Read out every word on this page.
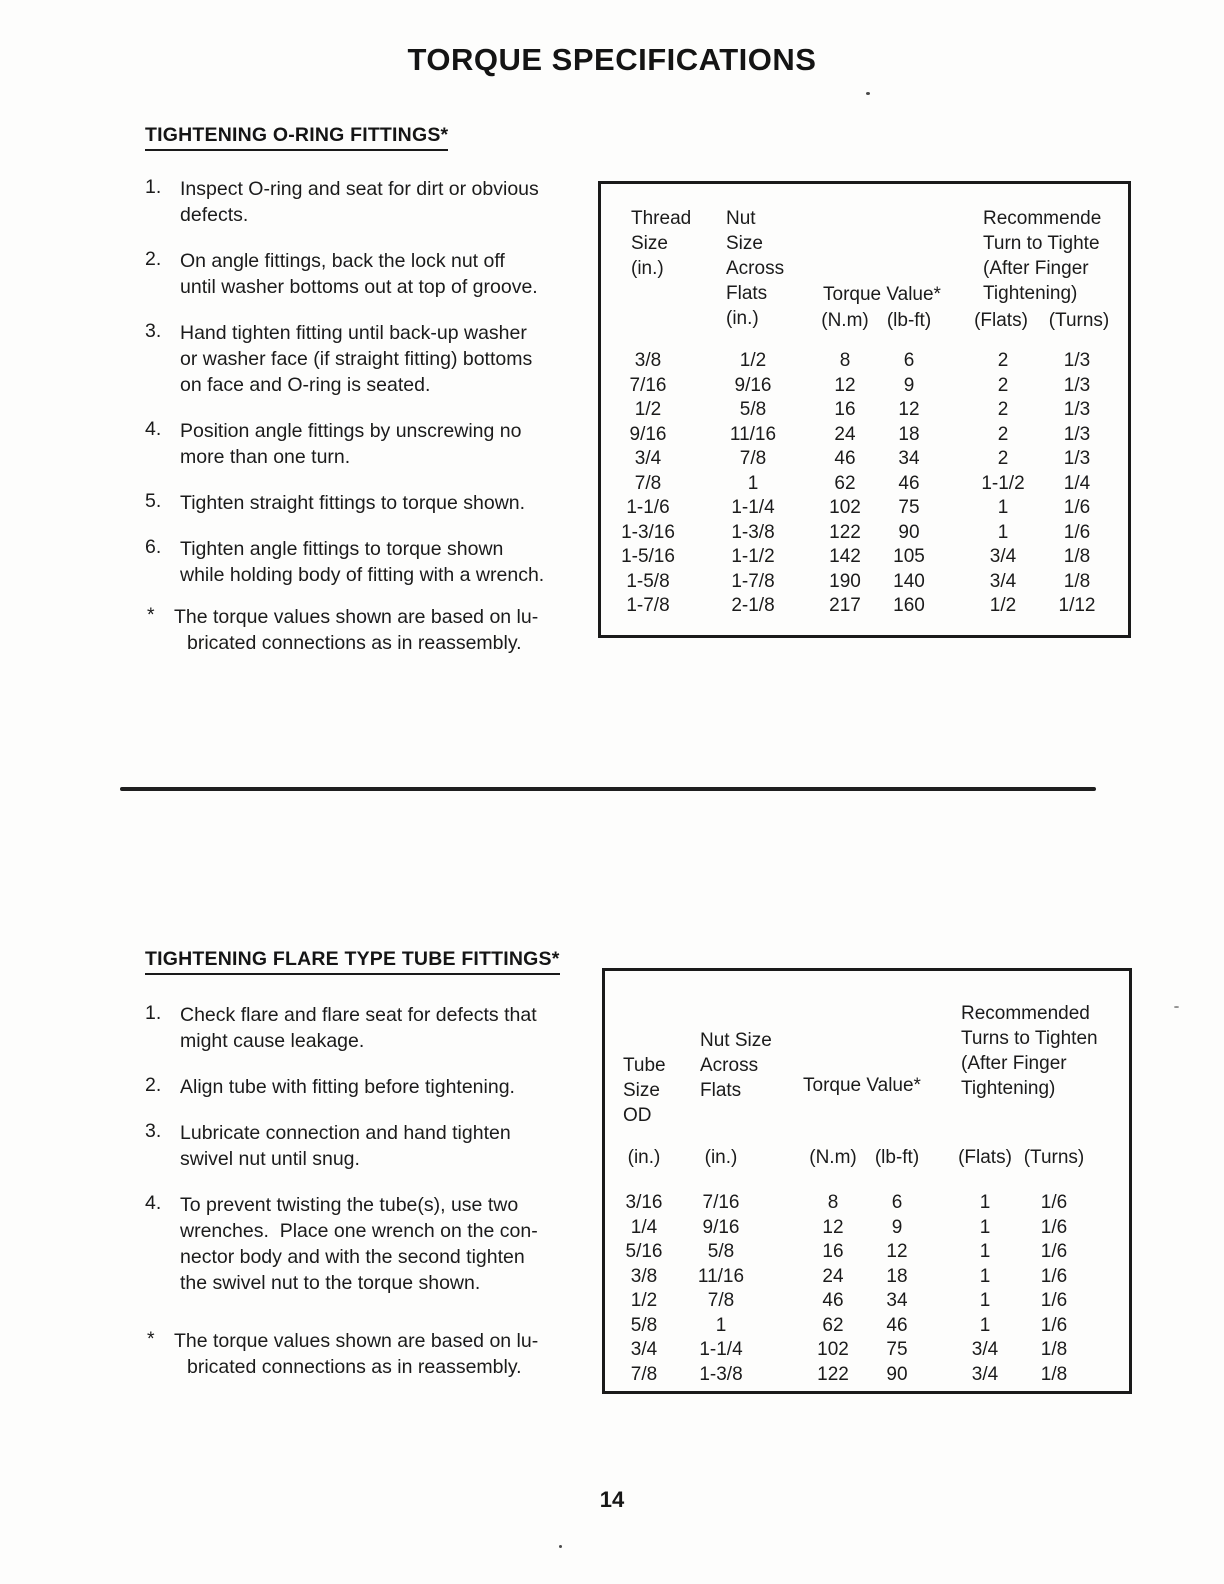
TORQUE SPECIFICATIONS
TIGHTENING O-RING FITTINGS*
1. Inspect O-ring and seat for dirt or obvious
defects.
2. On angle fittings, back the lock nut off
until washer bottoms out at top of groove.
3. Hand tighten fitting until back-up washer
or washer face (if straight fitting) bottoms
on face and O-ring is seated.
4. Position angle fittings by unscrewing no
more than one turn.
5. Tighten straight fittings to torque shown.
6. Tighten angle fittings to torque shown
while holding body of fitting with a wrench.
* The torque values shown are based on lu-
bricated connections as in reassembly.
Thread
Size
(in.)
Nut
Size
Across
Flats
(in.)
Torque Value*
Recommende
Turn to Tighte
(After Finger
Tightening)
(N.m) (lb-ft) (Flats) (Turns)
3/8	1/2	8	6	2	1/3
7/16	9/16	12	9	2	1/3
1/2	5/8	16 12	2	1/3
9/16	11/16	24 18	2	1/3
3/4	7/8	46 34	2	1/3
7/8	1	62 46	1-1/2 1/4
1-1/6	1-1/4	102 75	1	1/6
1-3/16	1-3/8	122 90	1	1/6
1-5/16	1-1/2	142 105	3/4	1/8
1-5/8	1-7/8	190 140	3/4	1/8
1-7/8	2-1/8	217 160	1/2 1/12
TIGHTENING FLARE TYPE TUBE FITTINGS*
1. Check flare and flare seat for defects that
might cause leakage.
2. Align tube with fitting before tightening.
3. Lubricate connection and hand tighten
swivel nut until snug.
4. To prevent twisting the tube(s), use two
wrenches.  Place one wrench on the con-
nector body and with the second tighten
the swivel nut to the torque shown.
* The torque values shown are based on lu-
bricated connections as in reassembly.
Tube
Size
OD
Nut Size
Across
Flats	Torque Value*
Recommended
Turns to Tighten
(After Finger
Tightening)
(in.) (in.)	(N.m) (lb-ft) (Flats) (Turns)
3/16 7/16	8	6	1	1/6
1/4 9/16	12	9	1	1/6
5/16 5/8	16 12	1	1/6
3/8 11/16	24 18	1	1/6
1/2	7/8	46 34	1	1/6
5/8	1	62 46	1	1/6
3/4 1-1/4	102 75	3/4 1/8
7/8 1-3/8	122 90	3/4 1/8
14
